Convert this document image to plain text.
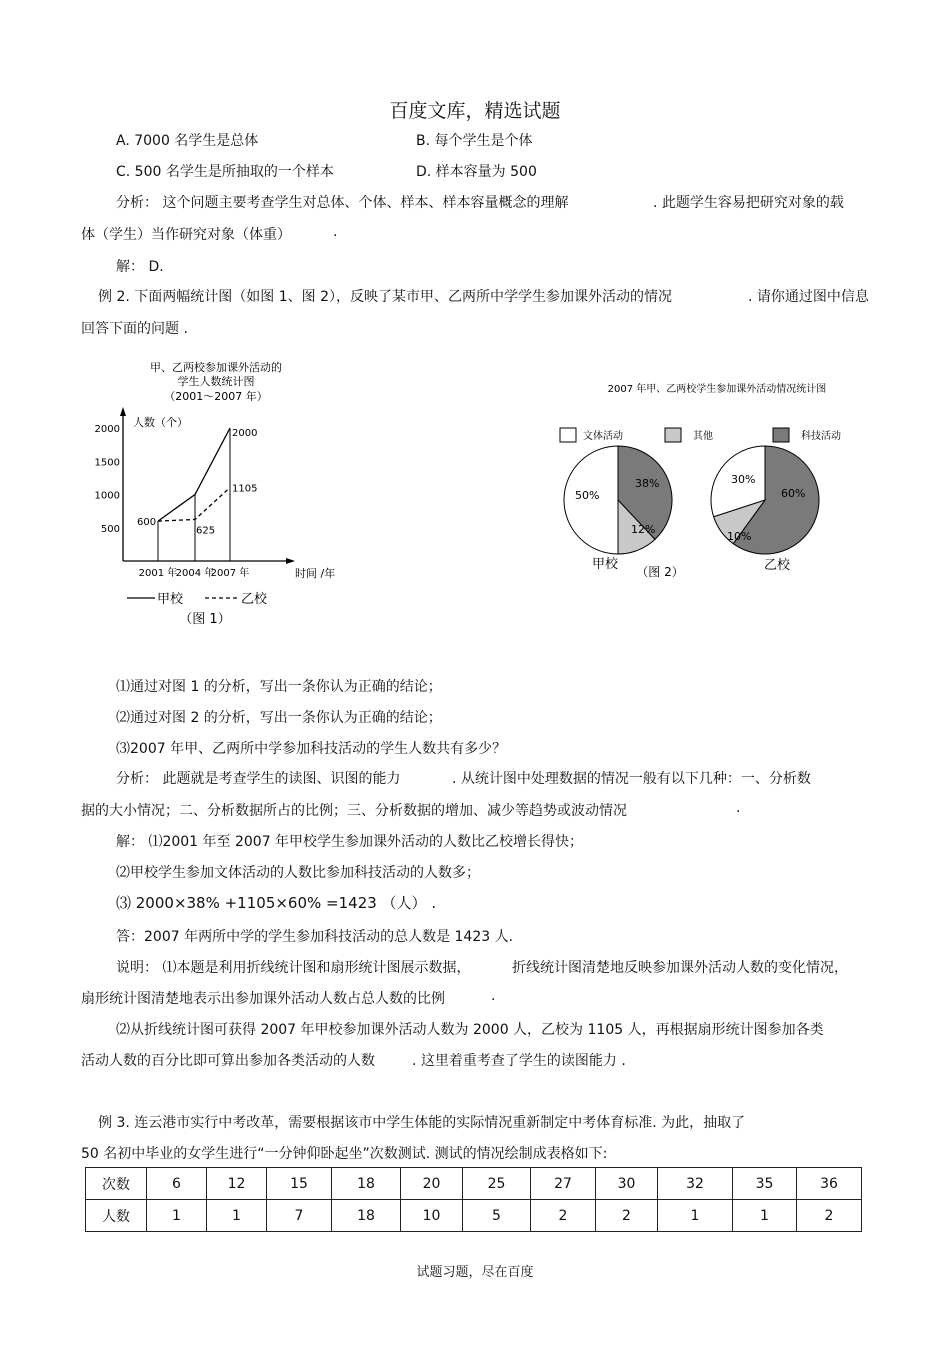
百度文库，精选试题
A. 7000 名学生是总体	B. 每个学生是个体
C. 500 名学生是所抽取的一个样本	D. 样本容量为 500
分析： 这个问题主要考查学生对总体、个体、样本、样本容量概念的理解	. 此题学生容易把研究对象的载
体（学生）当作研究对象（体重）	.
解： D.
例 2. 下面两幅统计图（如图 1、图 2），反映了某市甲、乙两所中学学生参加课外活动的情况	. 请你通过图中信息
回答下面的问题 .
甲、乙两校参加课外活动的
学生人数统计图
（2001～2007 年）
人数（个）
时间 /年
2000
1500
1000
500
2001 年
2004 年
2007 年
600
625
1105
2000
甲校	乙校
（图 1）
2007 年甲、乙两校学生参加课外活动情况统计图
文体活动	其他	科技活动
50%
38%
12%
30%
60%
10%
甲校 （图 2）	乙校
⑴通过对图 1 的分析，写出一条你认为正确的结论；
⑵通过对图 2 的分析，写出一条你认为正确的结论；
⑶2007 年甲、乙两所中学参加科技活动的学生人数共有多少？
分析： 此题就是考查学生的读图、识图的能力	. 从统计图中处理数据的情况一般有以下几种：一、分析数
据的大小情况；二、分析数据所占的比例；三、分析数据的增加、减少等趋势或波动情况	.
解： ⑴2001 年至 2007 年甲校学生参加课外活动的人数比乙校增长得快；
⑵甲校学生参加文体活动的人数比参加科技活动的人数多；
⑶ 2000×38% +1105×60% =1423 （人） .
答：2007 年两所中学的学生参加科技活动的总人数是 1423 人.
说明： ⑴本题是利用折线统计图和扇形统计图展示数据，	折线统计图清楚地反映参加课外活动人数的变化情况，
扇形统计图清楚地表示出参加课外活动人数占总人数的比例	.
⑵从折线统计图可获得 2007 年甲校参加课外活动人数为 2000 人，乙校为 1105 人，再根据扇形统计图参加各类
活动人数的百分比即可算出参加各类活动的人数	. 这里着重考查了学生的读图能力 .
例 3. 连云港市实行中考改革，需要根据该市中学生体能的实际情况重新制定中考体育标准. 为此，抽取了
50 名初中毕业的女学生进行“一分钟仰卧起坐”次数测试. 测试的情况绘制成表格如下:
次数	6	12	15	18	20	25	27	30	32	35	36
人数	1	1	7	18	10	5	2	2	1	1	2
试题习题，尽在百度
